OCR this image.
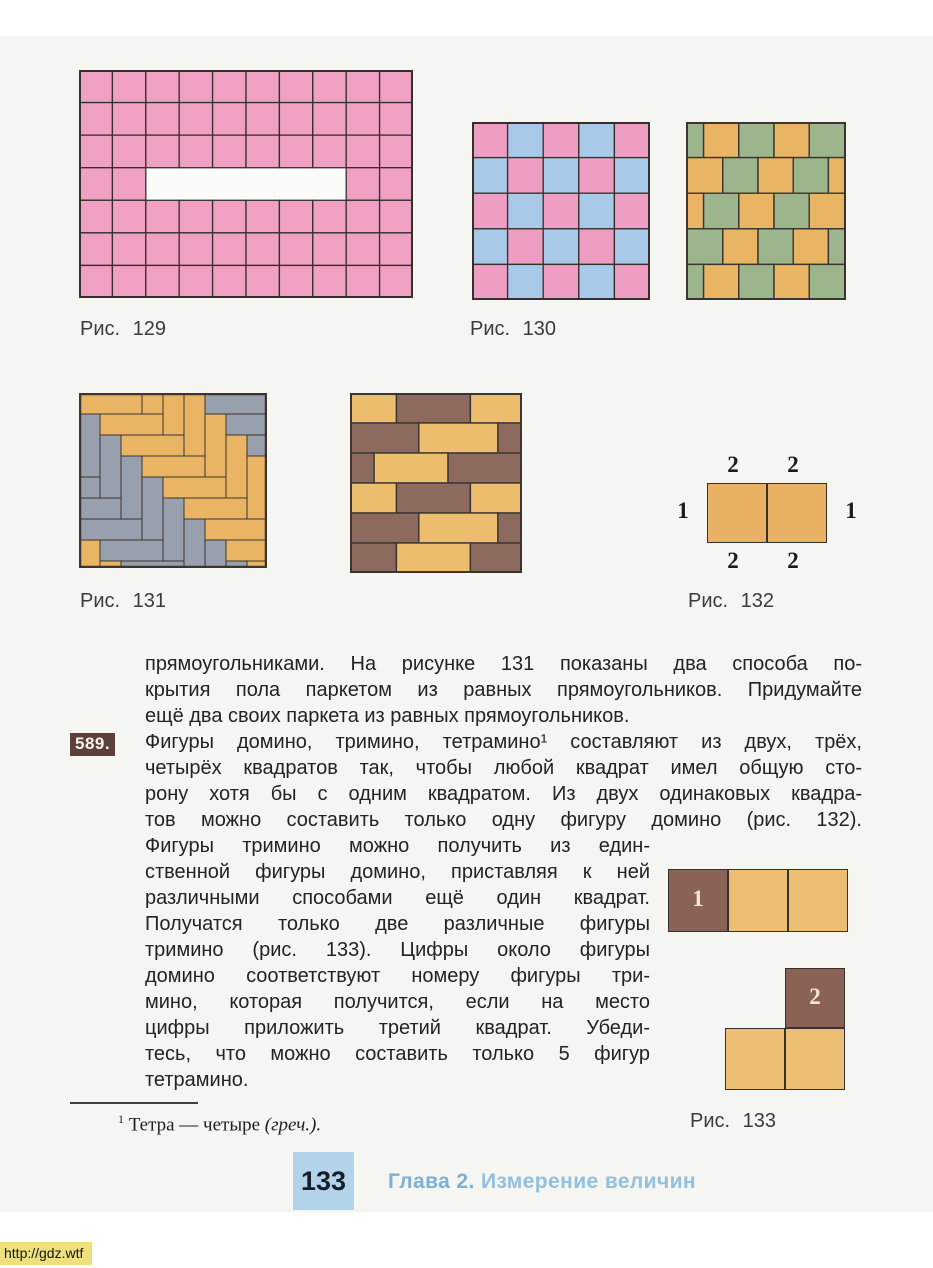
Рис. 129	Рис. 130
Рис. 131	Рис. 132
Рис. 133
2 2
1	1
2 2
589.
прямоугольниками. На рисунке 131 показаны два способа по-
крытия пола паркетом из равных прямоугольников. Придумайте
ещё два своих паркета из равных прямоугольников.
Фигуры домино, тримино, тетрамино¹ составляют из двух, трёх,
четырёх квадратов так, чтобы любой квадрат имел общую сто-
рону хотя бы с одним квадратом. Из двух одинаковых квадра-
тов можно составить только одну фигуру домино (рис. 132).
Фигуры тримино можно получить из един-
ственной фигуры домино, приставляя к ней
различными способами ещё один квадрат.
Получатся только две различные фигуры
тримино (рис. 133). Цифры около фигуры
домино соответствуют номеру фигуры три-
мино, которая получится, если на место
цифры приложить третий квадрат. Убеди-
тесь, что можно составить только 5 фигур
тетрамино.
1
2
$^1$ Тетра — четыре (греч.).
133	Глава 2. Измерение величин
http://gdz.wtf
